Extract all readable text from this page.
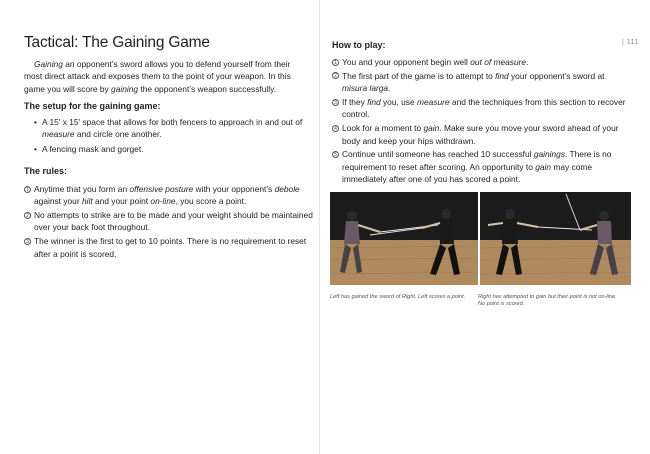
Tactical: The Gaining Game

Gaining an opponent’s sword allows you to defend yourself from their most direct attack and exposes them to the point of your weapon. In this game you will score by gaining the opponent’s weapon successfully.

The setup for the gaining game:
• A 15' x 15' space that allows for both fencers to approach in and out of measure and circle one another.
• A fencing mask and gorget.
The rules:
1 Anytime that you form an offensive posture with your opponent’s debole against your hilt and your point on-line, you score a point.
2 No attempts to strike are to be made and your weight should be maintained over your back foot throughout.
3 The winner is the first to get to 10 points. There is no requirement to reset after a point is scored.
| 111
How to play:
1 You and your opponent begin well out of measure.
2 The first part of the game is to attempt to find your opponent’s sword at misura larga.
3 If they find you, use measure and the techniques from this section to recover control.
4 Look for a moment to gain. Make sure you move your sword ahead of your body and keep your hips withdrawn.
5 Continue until someone has reached 10 successful gainings. There is no requirement to reset after scoring. An opportunity to gain may come immediately after one of you has scored a point.

Left has gained the sword of Right. Left scores a point.	Right has attempted to gain but their point is not on-line. No point is scored.
